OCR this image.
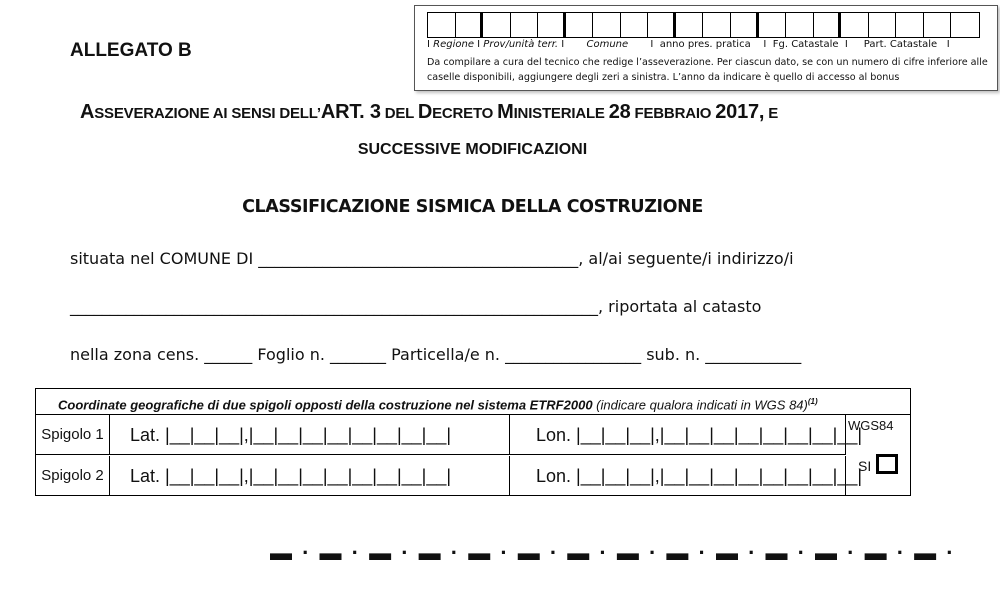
I Regione I Prov/unità terr. I       Comune       I  anno pres. pratica    I  Fg. Catastale  I     Part. Catastale   I
Da compilare a cura del tecnico che redige l’asseverazione. Per ciascun dato, se con un numero di cifre inferiore alle caselle disponibili, aggiungere degli zeri a sinistra. L’anno da indicare è quello di accesso al bonus
ALLEGATO B
ASSEVERAZIONE AI SENSI DELL’ART. 3 DEL DECRETO MINISTERIALE 28 FEBBRAIO 2017, E
SUCCESSIVE MODIFICAZIONI
CLASSIFICAZIONE SISMICA DELLA COSTRUZIONE
situata nel COMUNE DI ________________________________________, al/ai seguente/i indirizzo/i
__________________________________________________________________, riportata al catasto
nella zona cens. ______ Foglio n. _______ Particella/e n. _________________ sub. n. ____________
Coordinate geografiche di due spigoli opposti della costruzione nel sistema ETRF2000 (indicare qualora indicati in WGS 84)$^{(1)}$
Spigolo 1	Lat. |__|__|__|,|__|__|__|__|__|__|__|__|	Lon. |__|__|__|,|__|__|__|__|__|__|__|__|
Spigolo 2	Lat. |__|__|__|,|__|__|__|__|__|__|__|__|	Lon. |__|__|__|,|__|__|__|__|__|__|__|__|
WGS84
SI
▬ · ▬ · ▬ · ▬ · ▬ · ▬ · ▬ · ▬ · ▬ · ▬ · ▬ · ▬ · ▬ · ▬ ·
